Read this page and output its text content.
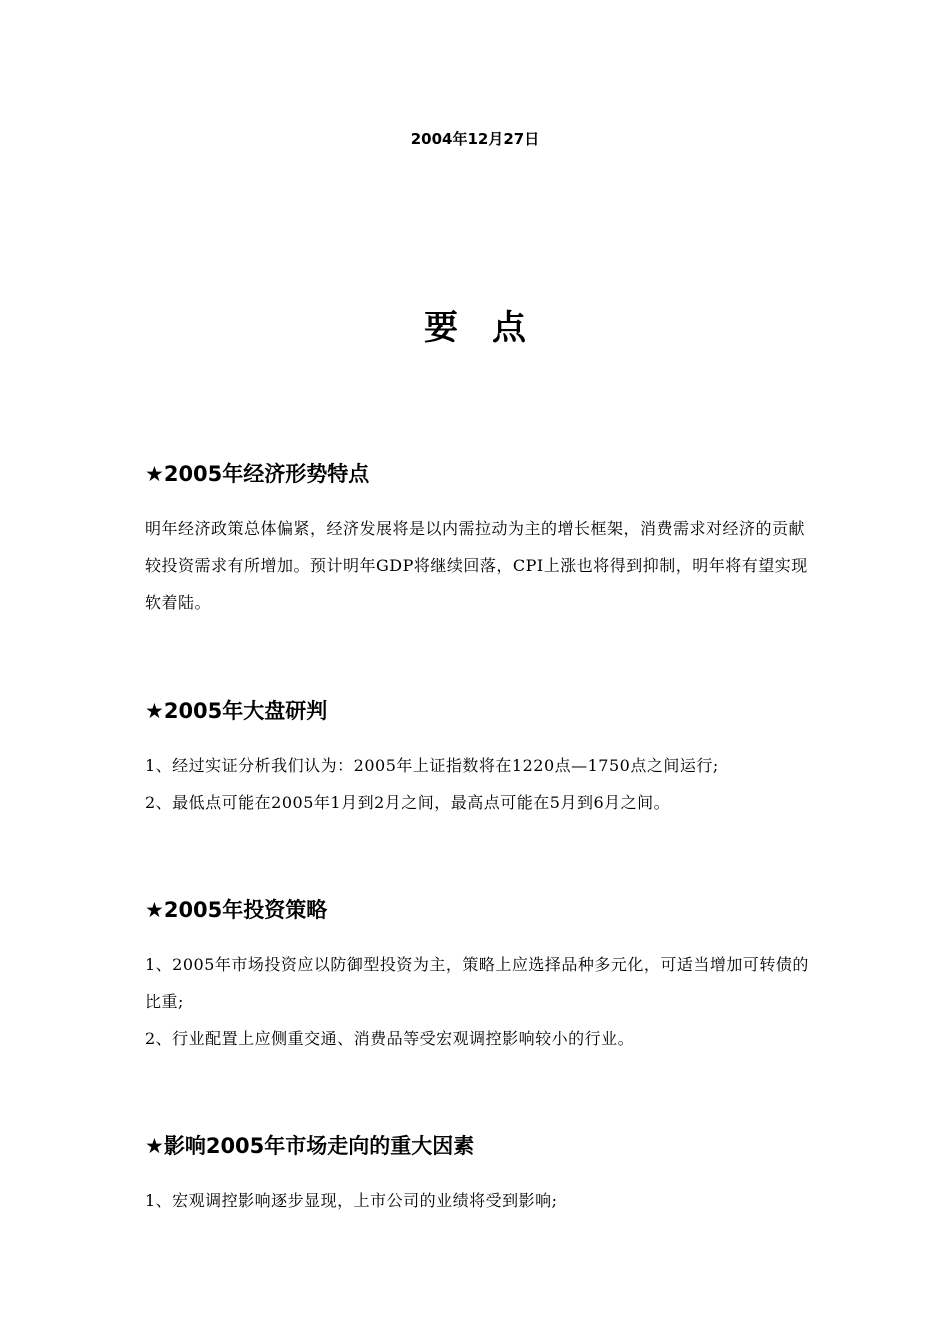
2004年12月27日
要　点
★2005年经济形势特点

明年经济政策总体偏紧，经济发展将是以内需拉动为主的增长框架，消费需求对经济的贡献较投资需求有所增加。预计明年GDP将继续回落，CPI上涨也将得到抑制，明年将有望实现软着陆。

★2005年大盘研判

1、经过实证分析我们认为：2005年上证指数将在1220点—1750点之间运行;

2、最低点可能在2005年1月到2月之间，最高点可能在5月到6月之间。

★2005年投资策略

1、2005年市场投资应以防御型投资为主，策略上应选择品种多元化，可适当增加可转债的比重;

2、行业配置上应侧重交通、消费品等受宏观调控影响较小的行业。

★影响2005年市场走向的重大因素

1、宏观调控影响逐步显现，上市公司的业绩将受到影响;
